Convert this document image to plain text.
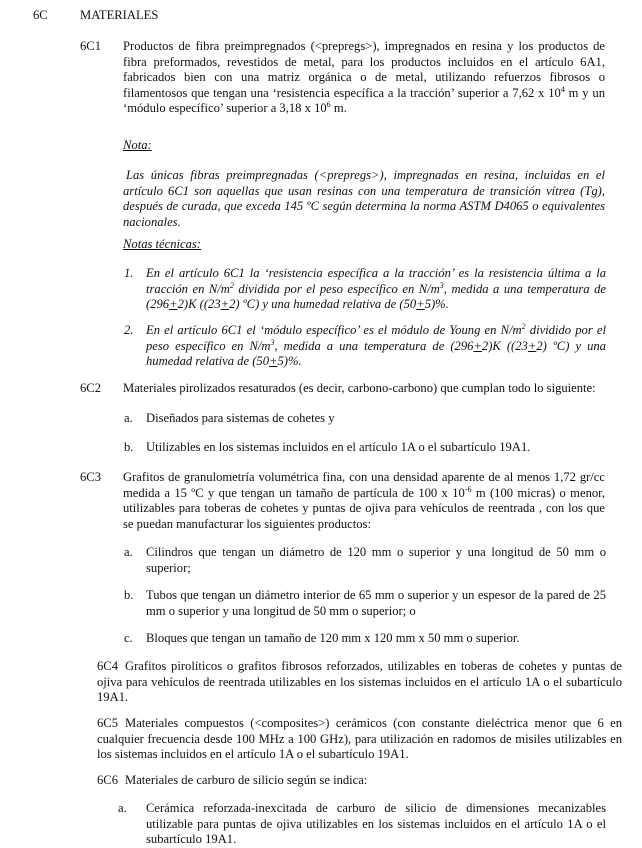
6C	MATERIALES
6C1 Productos de fibra preimpregnados (<prepregs>), impregnados en resina y los productos de fibra preformados, revestidos de metal, para los productos incluidos en el artículo 6A1, fabricados bien con una matriz orgánica o de metal, utilizando refuerzos fibrosos o filamentosos que tengan una ‘resistencia específica a la tracción’ superior a 7,62 x $10^4$ m y un ‘módulo específico’ superior a 3,18 x $10^6$ m.
Nota:
Las únicas fibras preimpregnadas (<prepregs>), impregnadas en resina, incluidas en el artículo 6C1 son aquellas que usan resinas con una temperatura de transición vítrea (Tg), después de curada, que exceda 145 ºC según determina la norma ASTM D4065 o equivalentes nacionales.
Notas técnicas:
1. En el artículo 6C1 la ‘resistencia específica a la tracción’ es la resistencia última a la tracción en $N/m^2$ dividida por el peso específico en $N/m^3$, medida a una temperatura de (296+2)K ((23+2) ºC) y una humedad relativa de (50+5)%.
2. En el artículo 6C1 el ‘módulo específico’ es el módulo de Young en $N/m^2$ dividido por el peso específico en $N/m^3$, medida a una temperatura de (296+2)K ((23+2) ºC) y una humedad relativa de (50+5)%.
6C2 Materiales pirolizados resaturados (es decir, carbono-carbono) que cumplan todo lo siguiente:
a. Diseñados para sistemas de cohetes y
b. Utilizables en los sistemas incluidos en el artículo 1A o el subartículo 19A1.
6C3 Grafitos de granulometría volumétrica fina, con una densidad aparente de al menos 1,72 gr/cc medida a 15 ºC y que tengan un tamaño de partícula de 100 x $10^{-6}$ m (100 micras) o menor, utilizables para toberas de cohetes y puntas de ojiva para vehículos de reentrada , con los que se puedan manufacturar los siguientes productos:
a. Cilindros que tengan un diámetro de 120 mm o superior y una longitud de 50 mm o superior;
b. Tubos que tengan un diámetro interior de 65 mm o superior y un espesor de la pared de 25 mm o superior y una longitud de 50 mm o superior; o
c. Bloques que tengan un tamaño de 120 mm x 120 mm x 50 mm o superior.
6C4 Grafitos pirolíticos o grafitos fibrosos reforzados, utilizables en toberas de cohetes y puntas de ojiva para vehículos de reentrada utilizables en los sistemas incluidos en el artículo 1A o el subartículo 19A1.
6C5 Materiales compuestos (<composites>) cerámicos (con constante dieléctrica menor que 6 en cualquier frecuencia desde 100 MHz a 100 GHz), para utilización en radomos de misiles utilizables en los sistemas incluidos en el artículo 1A o el subartículo 19A1.
6C6 Materiales de carburo de silicio según se indica:
a. Cerámica reforzada-inexcitada de carburo de silicio de dimensiones mecanizables utilizable para puntas de ojiva utilizables en los sistemas incluidos en el artículo 1A o el subartículo 19A1.
